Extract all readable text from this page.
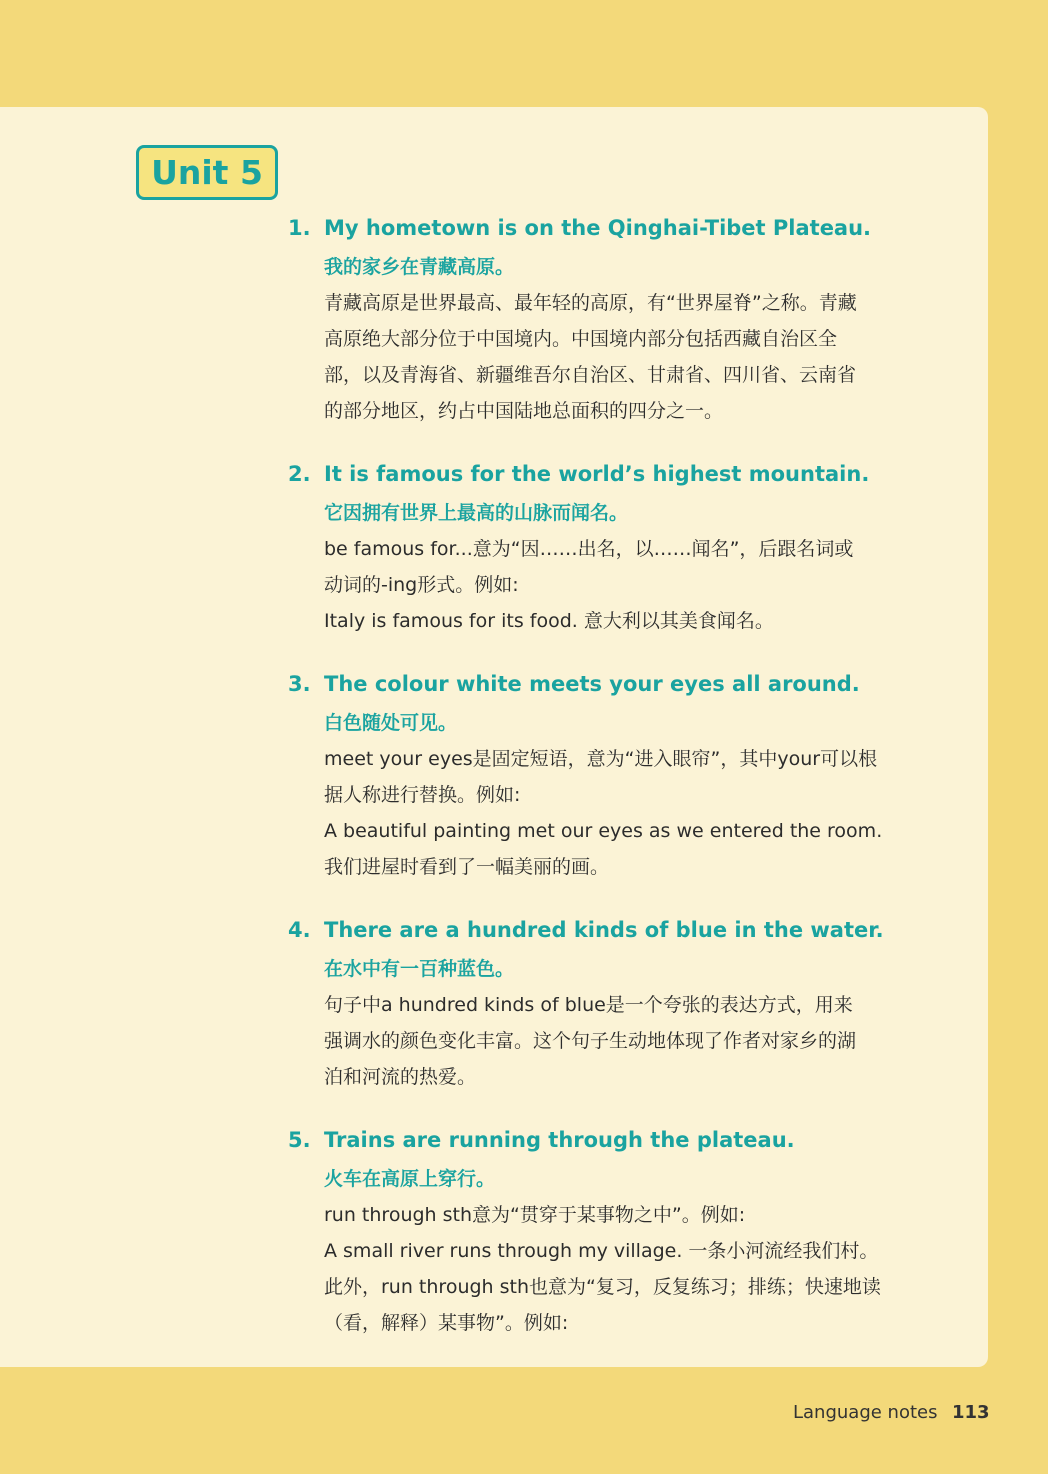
Unit 5
1. My hometown is on the Qinghai-Tibet Plateau.
我的家乡在青藏高原。

青藏高原是世界最高、最年轻的高原，有“世界屋脊”之称。青藏

高原绝大部分位于中国境内。中国境内部分包括西藏自治区全

部，以及青海省、新疆维吾尔自治区、甘肃省、四川省、云南省

的部分地区，约占中国陆地总面积的四分之一。

2. It is famous for the world’s highest mountain.
它因拥有世界上最高的山脉而闻名。

be famous for...意为“因……出名，以……闻名”，后跟名词或

动词的-ing形式。例如:

Italy is famous for its food. 意大利以其美食闻名。

3. The colour white meets your eyes all around.
白色随处可见。

meet your eyes是固定短语，意为“进入眼帘”，其中your可以根

据人称进行替换。例如:

A beautiful painting met our eyes as we entered the room.

我们进屋时看到了一幅美丽的画。

4. There are a hundred kinds of blue in the water.
在水中有一百种蓝色。

句子中a hundred kinds of blue是一个夸张的表达方式，用来

强调水的颜色变化丰富。这个句子生动地体现了作者对家乡的湖

泊和河流的热爱。

5. Trains are running through the plateau.
火车在高原上穿行。

run through sth意为“贯穿于某事物之中”。例如:

A small river runs through my village. 一条小河流经我们村。

此外，run through sth也意为“复习，反复练习；排练；快速地读

（看，解释）某事物”。例如:

Language notes 113
